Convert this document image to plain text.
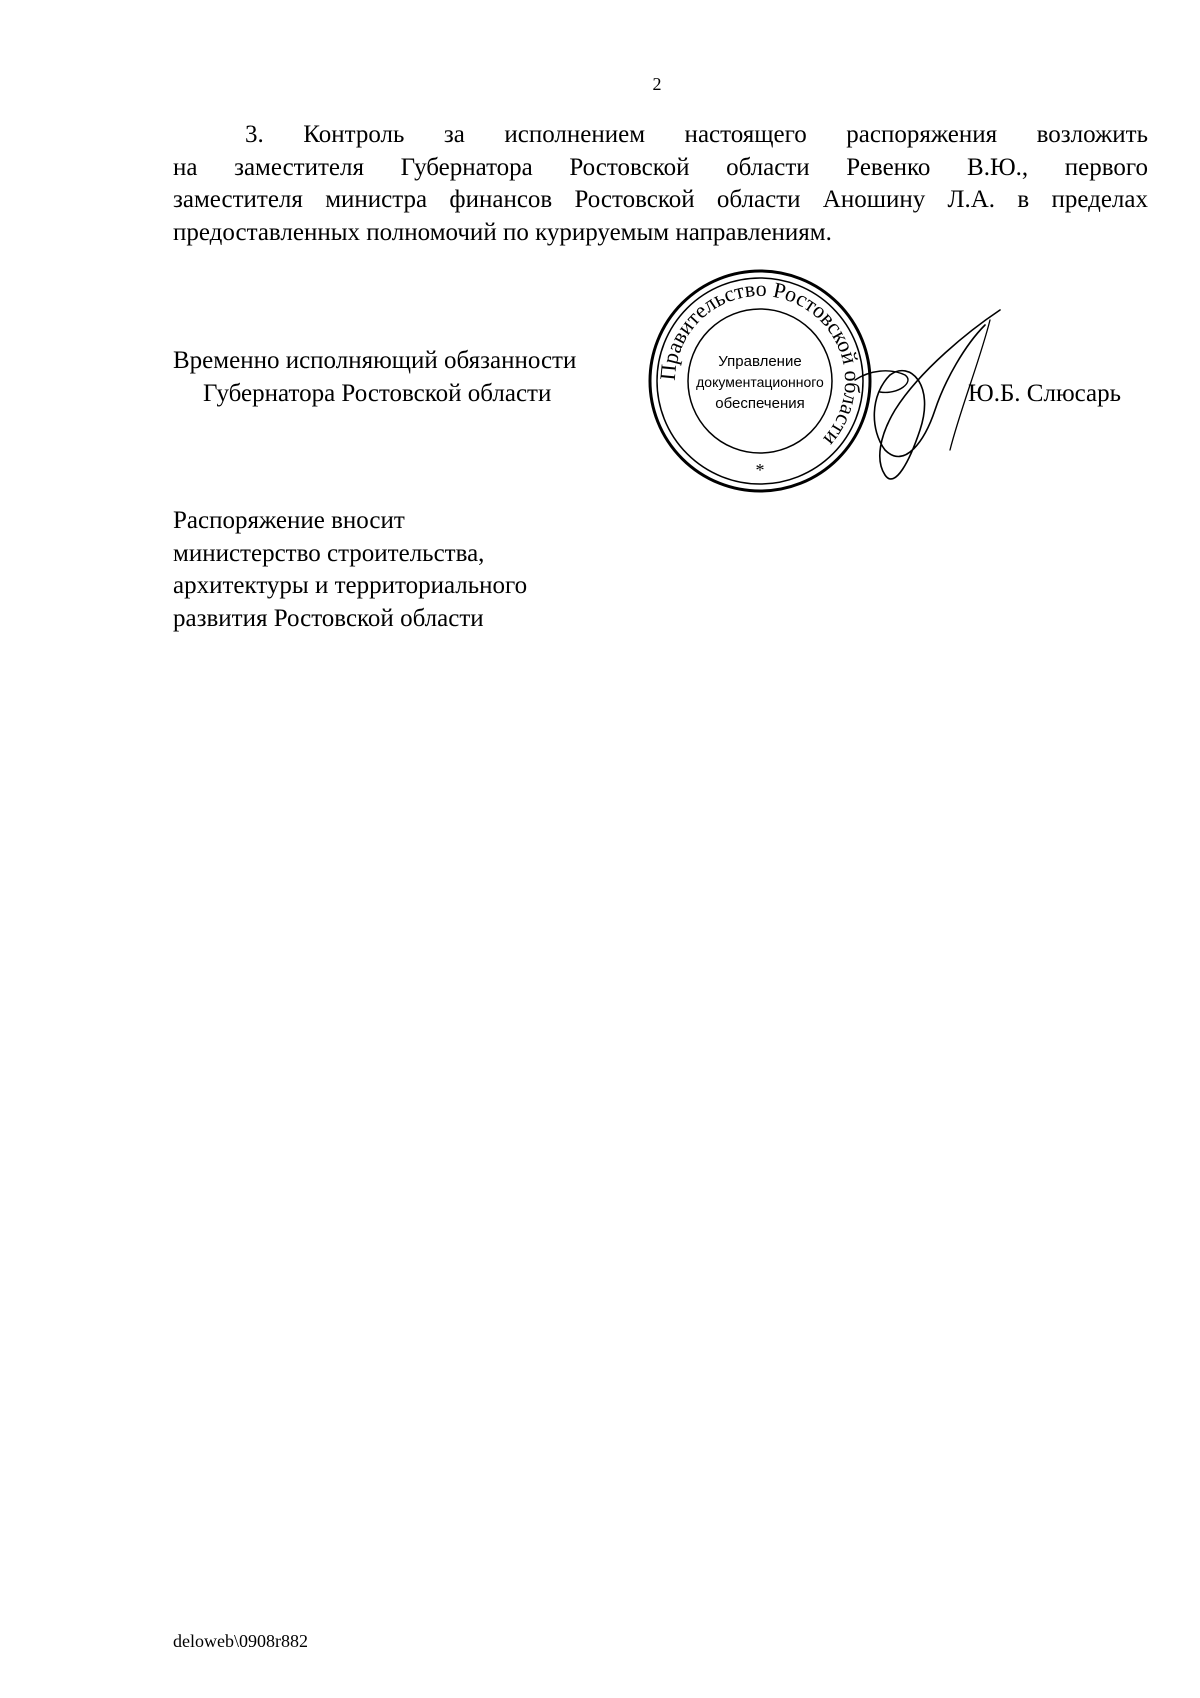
2
3. Контроль за исполнением настоящего распоряжения возложить
на заместителя Губернатора Ростовской области Ревенко В.Ю., первого
заместителя министра финансов Ростовской области Аношину Л.А. в пределах
предоставленных полномочий по курируемым направлениям.
Временно исполняющий обязанности
Губернатора Ростовской области
Правительство Ростовской области
Управление
документационного
обеспечения
*
Ю.Б. Слюсарь
Распоряжение вносит
министерство строительства,
архитектуры и территориального
развития Ростовской области
deloweb\0908r882
